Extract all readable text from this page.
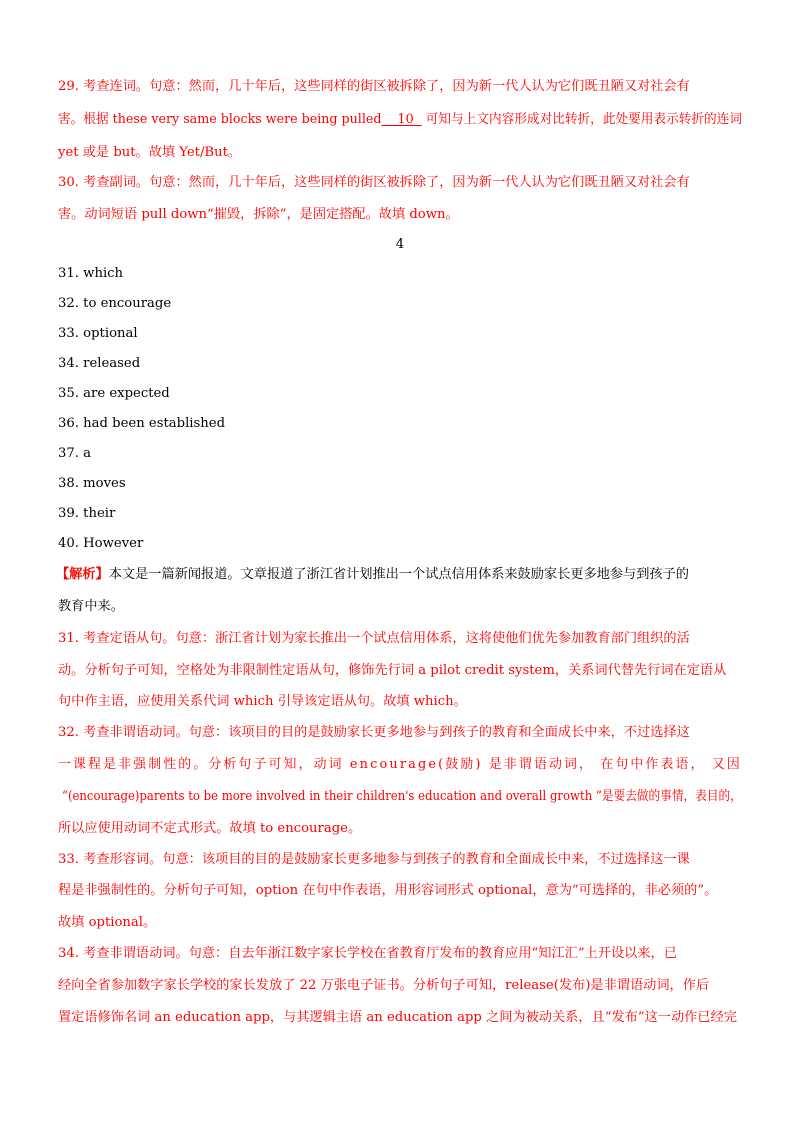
29. 考查连词。句意：然而，几十年后，这些同样的街区被拆除了，因为新一代人认为它们既丑陋又对社会有
害。根据 these very same blocks were being pulled 10   可知与上文内容形成对比转折，此处要用表示转折的连词
yet 或是 but。故填 Yet/But。
30. 考查副词。句意：然而，几十年后，这些同样的街区被拆除了，因为新一代人认为它们既丑陋又对社会有
害。动词短语 pull down“摧毁，拆除”，是固定搭配。故填 down。
4
31. which
32. to encourage
33. optional
34. released
35. are expected
36. had been established
37. a
38. moves
39. their
40. However
【解析】本文是一篇新闻报道。文章报道了浙江省计划推出一个试点信用体系来鼓励家长更多地参与到孩子的
教育中来。
31. 考查定语从句。句意：浙江省计划为家长推出一个试点信用体系，这将使他们优先参加教育部门组织的活
动。分析句子可知，空格处为非限制性定语从句，修饰先行词 a pilot credit system，关系词代替先行词在定语从
句中作主语，应使用关系代词 which 引导该定语从句。故填 which。
32. 考查非谓语动词。句意：该项目的目的是鼓励家长更多地参与到孩子的教育和全面成长中来，不过选择这
一课程是非强制性的。分析句子可知，动词 encourage(鼓励) 是非谓语动词， 在句中作表语， 又因
“(encourage)parents to be more involved in their children's education and overall growth ”是要去做的事情，表目的，
所以应使用动词不定式形式。故填 to encourage。
33. 考查形容词。句意：该项目的目的是鼓励家长更多地参与到孩子的教育和全面成长中来，不过选择这一课
程是非强制性的。分析句子可知，option 在句中作表语，用形容词形式 optional，意为“可选择的，非必须的”。
故填 optional。
34. 考查非谓语动词。句意：自去年浙江数字家长学校在省教育厅发布的教育应用“知江汇”上开设以来，已
经向全省参加数字家长学校的家长发放了 22 万张电子证书。分析句子可知，release(发布)是非谓语动词，作后
置定语修饰名词 an education app，与其逻辑主语 an education app 之间为被动关系，且“发布”这一动作已经完
